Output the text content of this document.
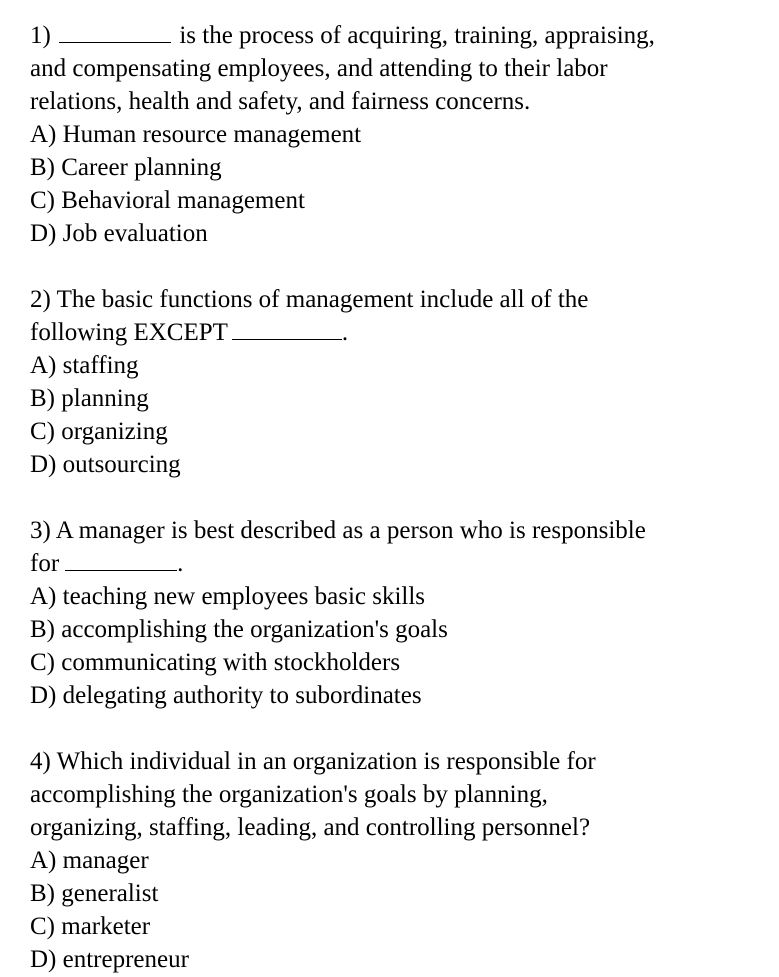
1)	is the process of acquiring, training, appraising,
and compensating employees, and attending to their labor
relations, health and safety, and fairness concerns.
A) Human resource management
B) Career planning
C) Behavioral management
D) Job evaluation
2) The basic functions of management include all of the
following EXCEPT	.
A) staffing
B) planning
C) organizing
D) outsourcing
3) A manager is best described as a person who is responsible
for	.
A) teaching new employees basic skills
B) accomplishing the organization's goals
C) communicating with stockholders
D) delegating authority to subordinates
4) Which individual in an organization is responsible for
accomplishing the organization's goals by planning,
organizing, staffing, leading, and controlling personnel?
A) manager
B) generalist
C) marketer
D) entrepreneur
